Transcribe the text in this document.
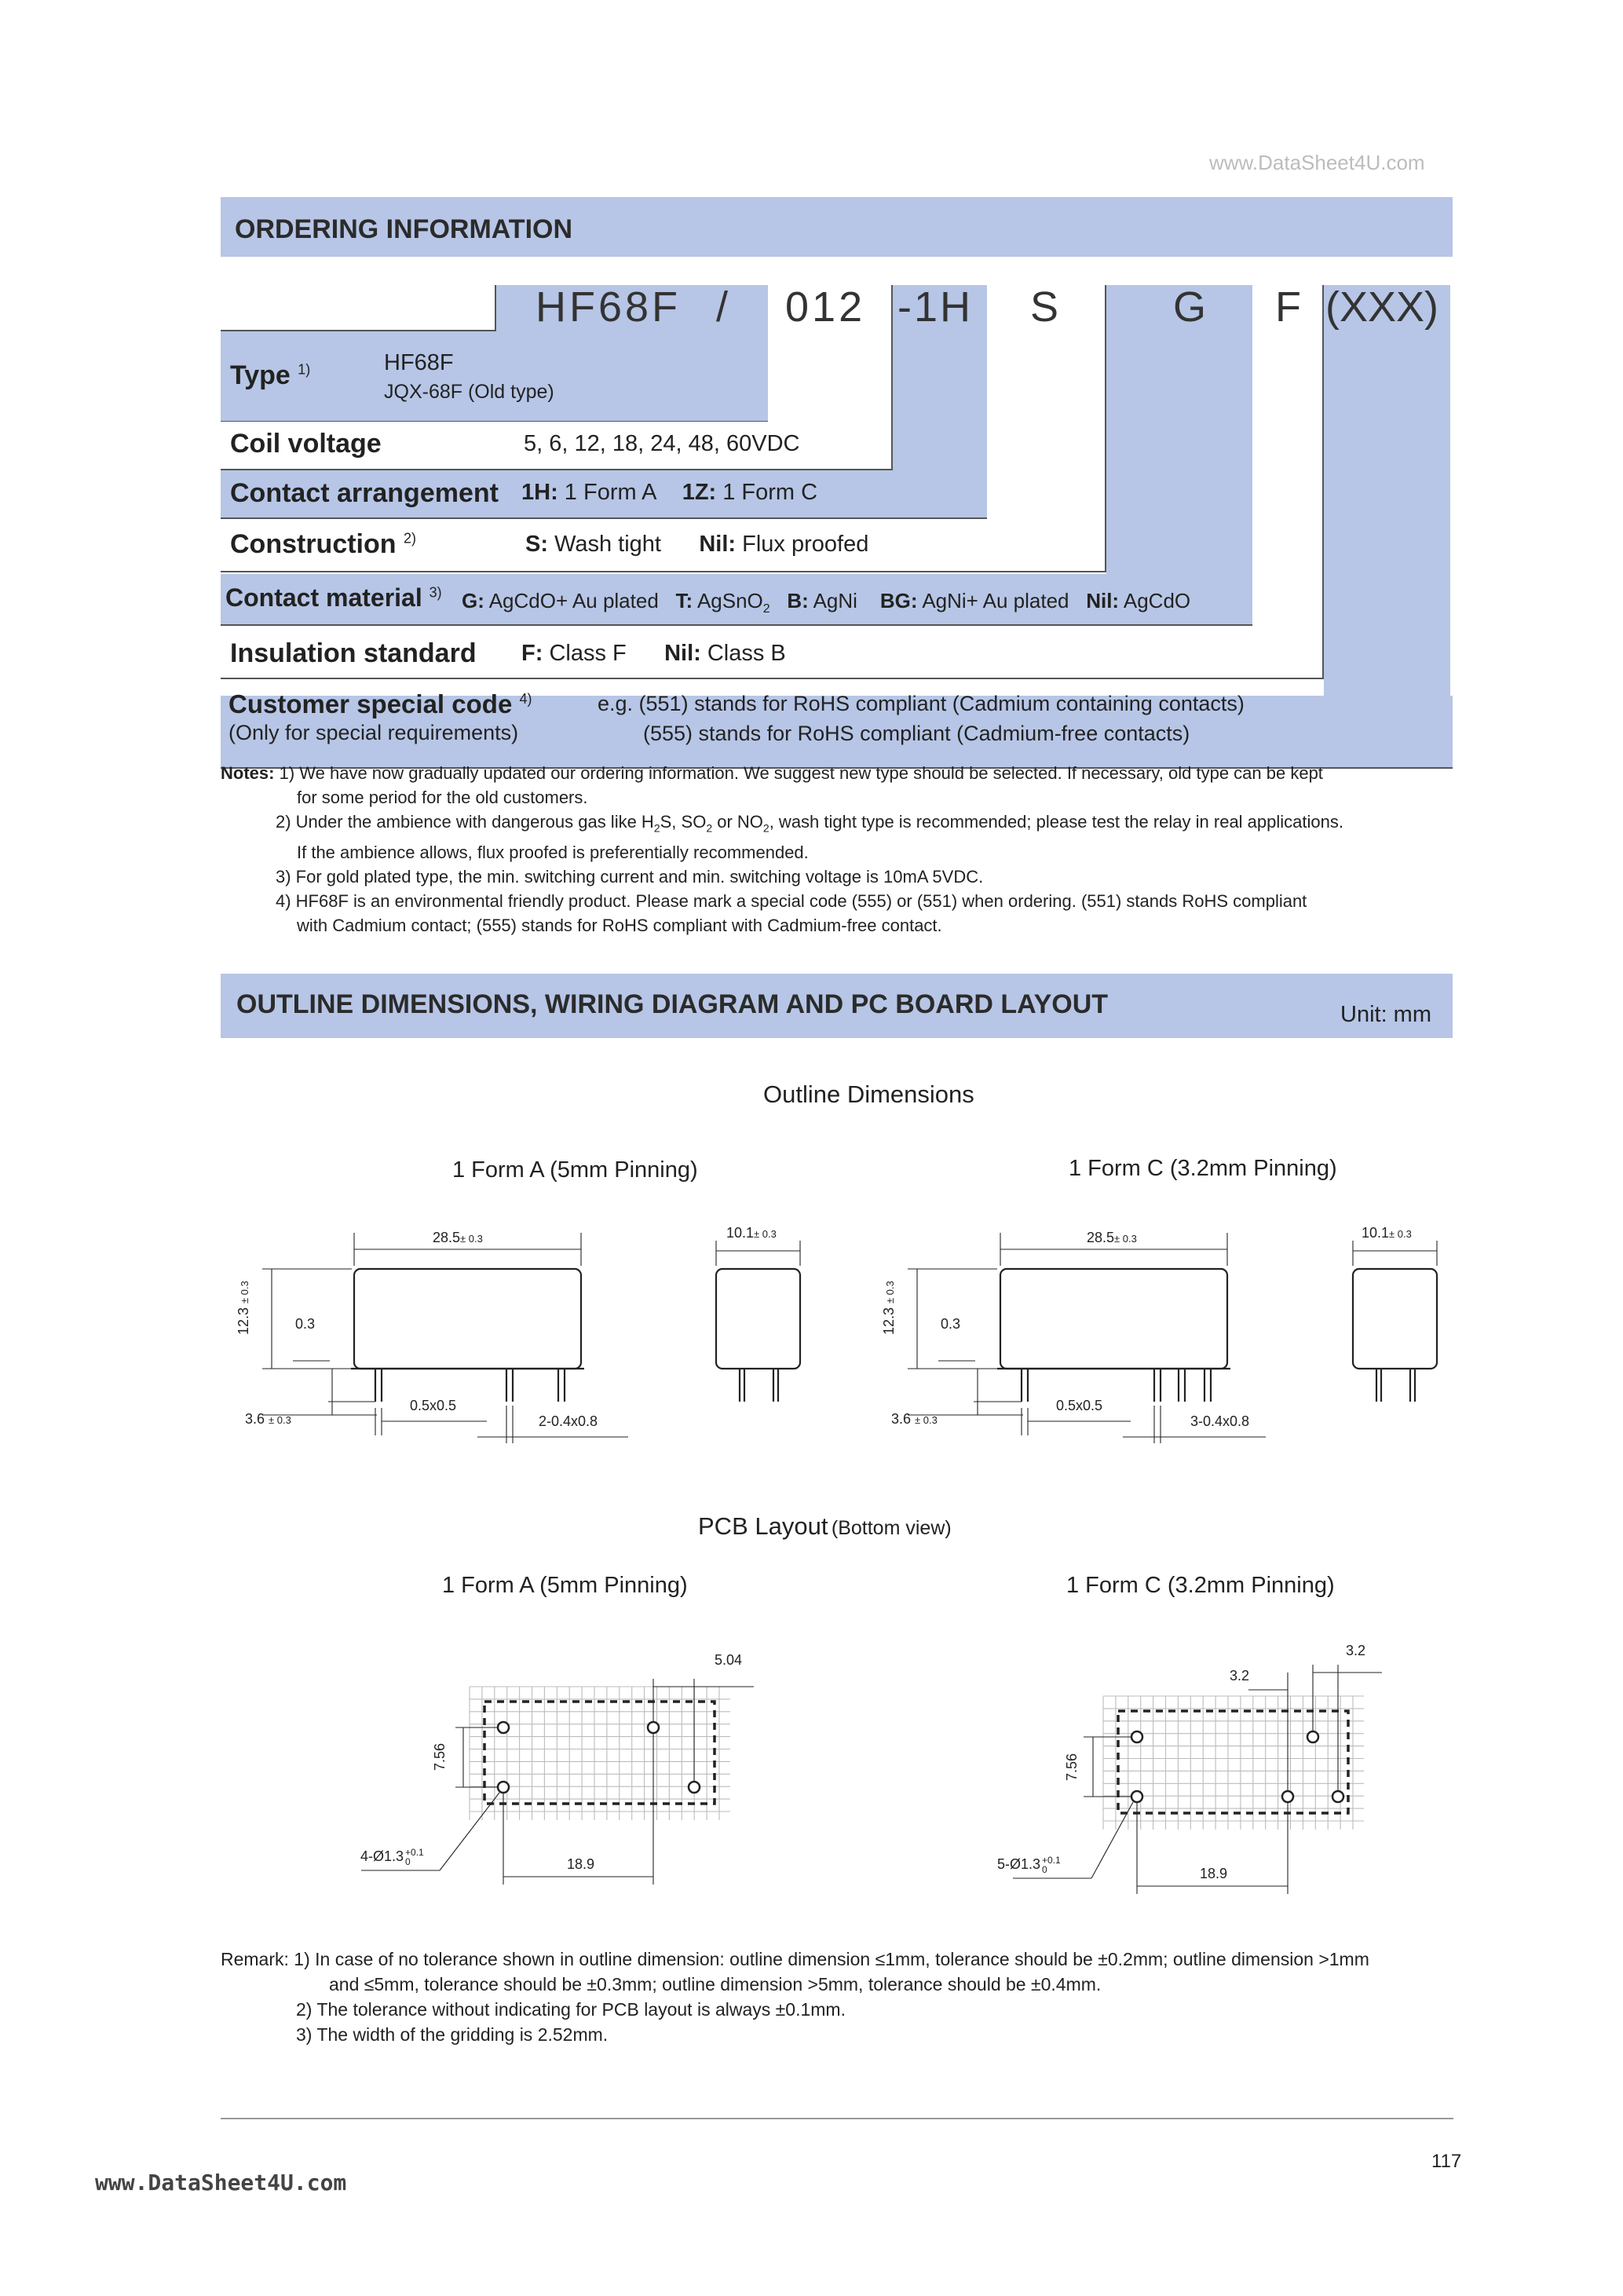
www.DataSheet4U.com
ORDERING INFORMATION
HF68F / 012 -1H S	G F (XXX)
Type $^{1)}$	HF68F
JQX-68F (Old type)
Coil voltage	5, 6, 12, 18, 24, 48, 60VDC
Contact arrangement 1H: 1 Form A 1Z: 1 Form C
Construction $^{2)}$	S: Wash tight Nil: Flux proofed
Contact material $^{3)}$ G: AgCdO+ Au plated T: AgSnO$_2$ B: AgNi BG: AgNi+ Au plated Nil: AgCdO
Insulation standard F: Class F Nil: Class B
Customer special code $^{4)}$
(Only for special requirements)
e.g. (551) stands for RoHS compliant (Cadmium containing contacts)
(555) stands for RoHS compliant (Cadmium-free contacts)
Notes: 1) We have now gradually updated our ordering information. We suggest new type should be selected. If necessary, old type can be kept
for some period for the old customers.
2) Under the ambience with dangerous gas like $H_2S$, $SO_2$ or $NO_2$, wash tight type is recommended; please test the relay in real applications.
If the ambience allows, flux proofed is preferentially recommended.
3) For gold plated type, the min. switching current and min. switching voltage is 10mA 5VDC.
4) HF68F is an environmental friendly product. Please mark a special code (555) or (551) when ordering. (551) stands RoHS compliant
with Cadmium contact; (555) stands for RoHS compliant with Cadmium-free contact.
OUTLINE DIMENSIONS, WIRING DIAGRAM AND PC BOARD LAYOUT	Unit: mm
Outline Dimensions
1 Form A (5mm Pinning)	1 Form C (3.2mm Pinning)
28.5± 0.3	10.1± 0.3
12.3 ± 0.3
0.3
3.6 ± 0.3
0.5x0.5
2-0.4x0.8
28.5± 0.3	10.1± 0.3
12.3 ± 0.3
0.3
3.6 ± 0.3
0.5x0.5
3-0.4x0.8
PCB Layout (Bottom view)
1 Form A (5mm Pinning)	1 Form C (3.2mm Pinning)
5.04
7.56
18.9
4-Ø1.3 +0.1
0
3.2
3.2
7.56
18.9
5-Ø1.3 +0.1
0
Remark: 1) In case of no tolerance shown in outline dimension: outline dimension ≤1mm, tolerance should be ±0.2mm; outline dimension >1mm
and ≤5mm, tolerance should be ±0.3mm; outline dimension >5mm, tolerance should be ±0.4mm.
2) The tolerance without indicating for PCB layout is always ±0.1mm.
3) The width of the gridding is 2.52mm.
117
www.DataSheet4U.com
